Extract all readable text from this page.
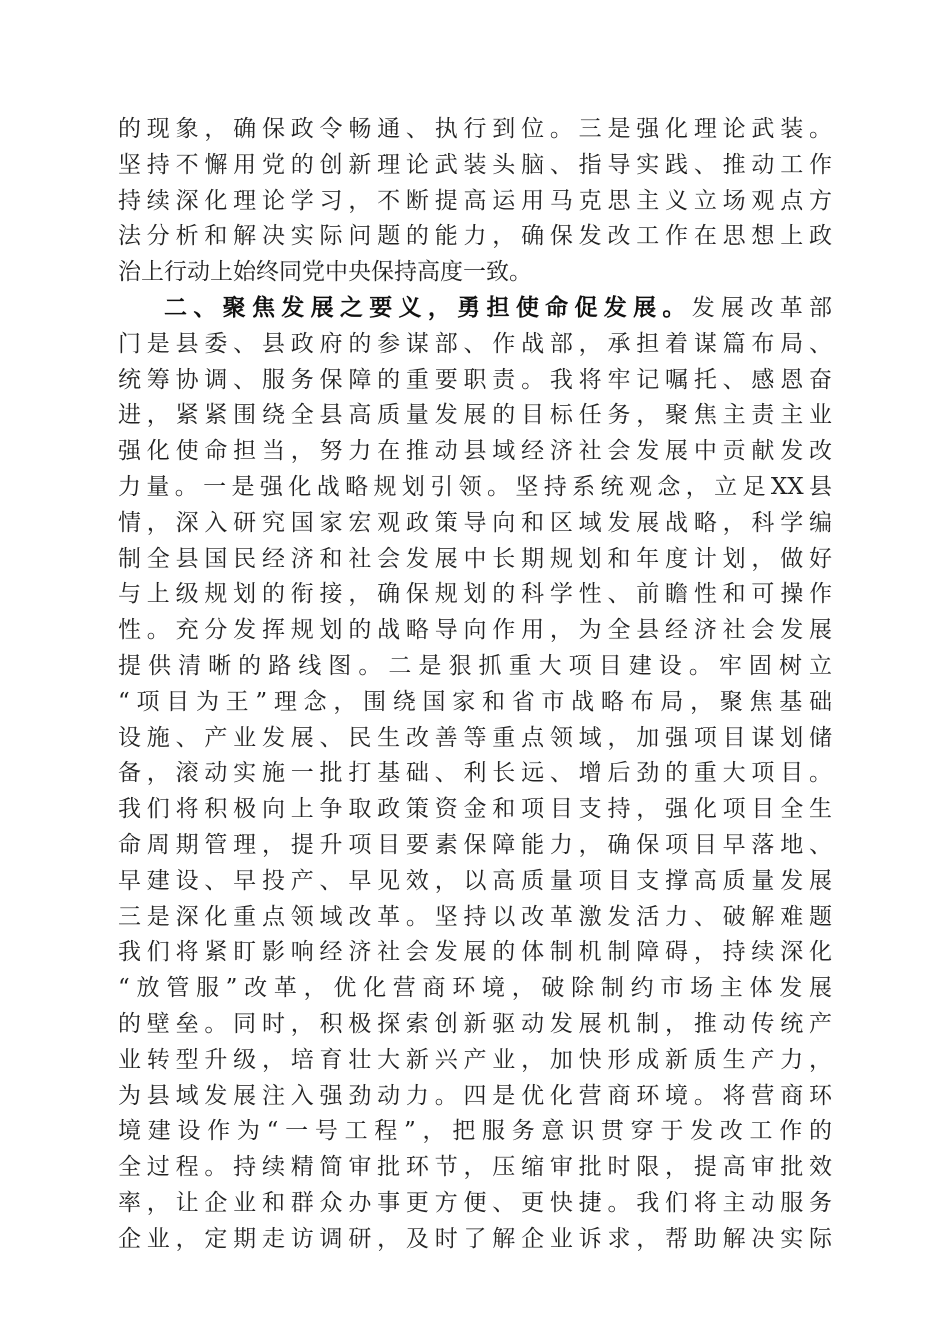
的现象，确保政令畅通、执行到位。三是强化理论武装。
坚持不懈用党的创新理论武装头脑、指导实践、推动工作
持续深化理论学习，不断提高运用马克思主义立场观点方
法分析和解决实际问题的能力，确保发改工作在思想上政
治上行动上始终同党中央保持高度一致。
二、聚焦发展之要义，勇担使命促发展。发展改革部
门是县委、县政府的参谋部、作战部，承担着谋篇布局、
统筹协调、服务保障的重要职责。我将牢记嘱托、感恩奋
进，紧紧围绕全县高质量发展的目标任务，聚焦主责主业
强化使命担当，努力在推动县域经济社会发展中贡献发改
力量。一是强化战略规划引领。坚持系统观念，立足XX县
情，深入研究国家宏观政策导向和区域发展战略，科学编
制全县国民经济和社会发展中长期规划和年度计划，做好
与上级规划的衔接，确保规划的科学性、前瞻性和可操作
性。充分发挥规划的战略导向作用，为全县经济社会发展
提供清晰的路线图。二是狠抓重大项目建设。牢固树立
“项目为王”理念，围绕国家和省市战略布局，聚焦基础
设施、产业发展、民生改善等重点领域，加强项目谋划储
备，滚动实施一批打基础、利长远、增后劲的重大项目。
我们将积极向上争取政策资金和项目支持，强化项目全生
命周期管理，提升项目要素保障能力，确保项目早落地、
早建设、早投产、早见效，以高质量项目支撑高质量发展
三是深化重点领域改革。坚持以改革激发活力、破解难题
我们将紧盯影响经济社会发展的体制机制障碍，持续深化
“放管服”改革，优化营商环境，破除制约市场主体发展
的壁垒。同时，积极探索创新驱动发展机制，推动传统产
业转型升级，培育壮大新兴产业，加快形成新质生产力，
为县域发展注入强劲动力。四是优化营商环境。将营商环
境建设作为“一号工程”，把服务意识贯穿于发改工作的
全过程。持续精简审批环节，压缩审批时限，提高审批效
率，让企业和群众办事更方便、更快捷。我们将主动服务
企业，定期走访调研，及时了解企业诉求，帮助解决实际
